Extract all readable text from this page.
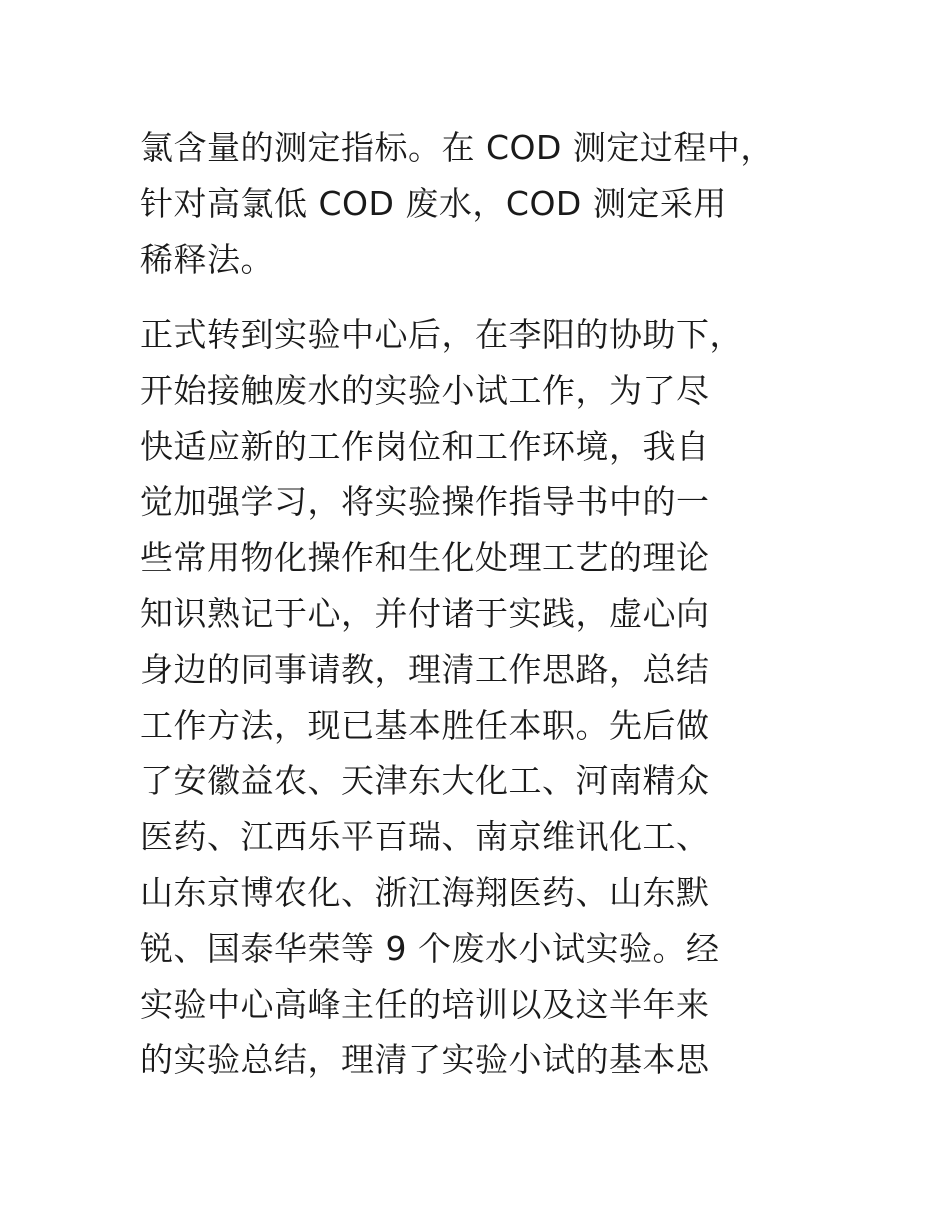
氯含量的测定指标。在 COD 测定过程中，
针对高氯低 COD 废水，COD 测定采用
稀释法。

正式转到实验中心后，在李阳的协助下，
开始接触废水的实验小试工作，为了尽
快适应新的工作岗位和工作环境，我自
觉加强学习，将实验操作指导书中的一
些常用物化操作和生化处理工艺的理论
知识熟记于心，并付诸于实践，虚心向
身边的同事请教，理清工作思路，总结
工作方法，现已基本胜任本职。先后做
了安徽益农、天津东大化工、河南精众
医药、江西乐平百瑞、南京维讯化工、
山东京博农化、浙江海翔医药、山东默
锐、国泰华荣等 9 个废水小试实验。经
实验中心高峰主任的培训以及这半年来
的实验总结，理清了实验小试的基本思
